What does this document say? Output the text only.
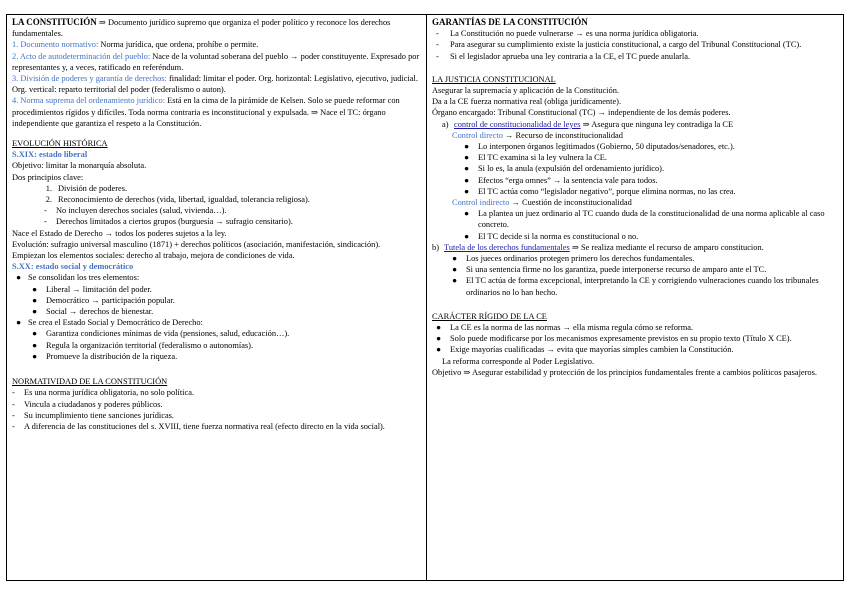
LA CONSTITUCIÓN ⇒ Documento jurídico supremo que organiza el poder político y reconoce los derechos fundamentales.

1. Documento normativo: Norma jurídica, que ordena, prohíbe o permite.

2. Acto de autodeterminación del pueblo: Nace de la voluntad soberana del pueblo → poder constituyente. Expresado por representantes y, a veces, ratificado en referéndum.

3. División de poderes y garantía de derechos: finalidad: limitar el poder. Org. horizontal: Legislativo, ejecutivo, judicial. Org. vertical: reparto territorial del poder (federalismo o auton).

4. Norma suprema del ordenamiento jurídico: Está en la cima de la pirámide de Kelsen. Solo se puede reformar con procedimientos rígidos y difíciles. Toda norma contraria es inconstitucional y expulsada. ⇒ Nace el TC: órgano independiente que garantiza el respeto a la Constitución.

EVOLUCIÓN HISTÓRICA

S.XIX: estado liberal

Objetivo: limitar la monarquía absoluta.

Dos principios clave:

1. División de poderes.
2. Reconocimiento de derechos (vida, libertad, igualdad, tolerancia religiosa).
-	No incluyen derechos sociales (salud, vivienda…).
-	Derechos limitados a ciertos grupos (burguesía → sufragio censitario).

Nace el Estado de Derecho → todos los poderes sujetos a la ley.

Evolución: sufragio universal masculino (1871) + derechos políticos (asociación, manifestación, sindicación).

Empiezan los elementos sociales: derecho al trabajo, mejora de condiciones de vida.

S.XX: estado social y democrático

● Se consolidan los tres elementos:
●	Liberal → limitación del poder.
●	Democrático → participación popular.
●	Social → derechos de bienestar.
● Se crea el Estado Social y Democrático de Derecho:
●	Garantiza condiciones mínimas de vida (pensiones, salud, educación…).
●	Regula la organización territorial (federalismo o autonomías).
●	Promueve la distribución de la riqueza.

NORMATIVIDAD DE LA CONSTITUCIÓN

-	Es una norma jurídica obligatoria, no solo política.
-	Vincula a ciudadanos y poderes públicos.
-	Su incumplimiento tiene sanciones jurídicas.
-	A diferencia de las constituciones del s. XVIII, tiene fuerza normativa real (efecto directo en la vida social).

GARANTÍAS DE LA CONSTITUCIÓN

-	La Constitución no puede vulnerarse → es una norma jurídica obligatoria.
-	Para asegurar su cumplimiento existe la justicia constitucional, a cargo del Tribunal Constitucional (TC).
-	Si el legislador aprueba una ley contraria a la CE, el TC puede anularla.

LA JUSTICIA CONSTITUCIONAL

Asegurar la supremacía y aplicación de la Constitución.

Da a la CE fuerza normativa real (obliga jurídicamente).

Órgano encargado: Tribunal Constitucional (TC) → independiente de los demás poderes.

a) control de constitucionalidad de leyes ⇒ Asegura que ninguna ley contradiga la CE

Control directo → Recurso de inconstitucionalidad

●	Lo interponen órganos legitimados (Gobierno, 50 diputados/senadores, etc.).
●	El TC examina si la ley vulnera la CE.
●	Si lo es, la anula (expulsión del ordenamiento jurídico).
●	Efectos “erga omnes” → la sentencia vale para todos.
●	El TC actúa como “legislador negativo”, porque elimina normas, no las crea.

Control indirecto → Cuestión de inconstitucionalidad

●	La plantea un juez ordinario al TC cuando duda de la constitucionalidad de una norma aplicable al caso concreto.
●	El TC decide si la norma es constitucional o no.
b) Tutela de los derechos fundamentales ⇒ Se realiza mediante el recurso de amparo constitucion.
●	Los jueces ordinarios protegen primero los derechos fundamentales.
●	Si una sentencia firme no los garantiza, puede interponerse recurso de amparo ante el TC.
●	El TC actúa de forma excepcional, interpretando la CE y corrigiendo vulneraciones cuando los tribunales ordinarios no lo han hecho.

CARÁCTER RÍGIDO DE LA CE

●	La CE es la norma de las normas → ella misma regula cómo se reforma.
●	Solo puede modificarse por los mecanismos expresamente previstos en su propio texto (Título X CE).
●	Exige mayorías cualificadas → evita que mayorías simples cambien la Constitución.

La reforma corresponde al Poder Legislativo.

Objetivo ⇒ Asegurar estabilidad y protección de los principios fundamentales frente a cambios políticos pasajeros.
